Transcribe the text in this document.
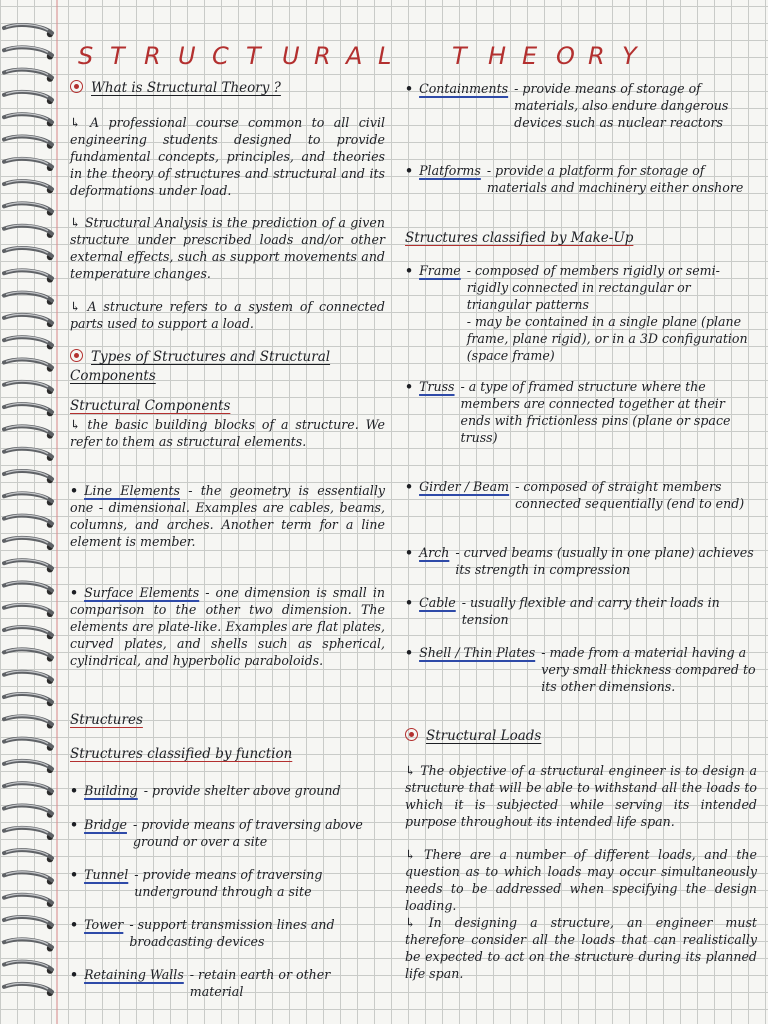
S T R U C T U R A L	T H E O R Y
What is Structural Theory ?
↳ A professional course common to all civil engineering students designed to provide fundamental concepts, principles, and theories in the theory of structures and structural and its deformations under load.
↳ Structural Analysis is the prediction of a given structure under prescribed loads and/or other external effects, such as support movements and temperature changes.
↳ A structure refers to a system of connected parts used to support a load.
Types of Structures and Structural Components
Structural Components
↳ the basic building blocks of a structure. We refer to them as structural elements.
• Line Elements - the geometry is essentially one - dimensional. Examples are cables, beams, columns, and arches. Another term for a line element is member.
• Surface Elements - one dimension is small in comparison to the other two dimension. The elements are plate-like. Examples are flat plates, curved plates, and shells such as spherical, cylindrical, and hyperbolic paraboloids.
Structures
Structures classified by function
• Building - provide shelter above ground
• Bridge - provide means of traversing above ground or over a site
• Tunnel - provide means of traversing underground through a site
• Tower - support transmission lines and broadcasting devices
• Retaining Walls - retain earth or other material
• Containments - provide means of storage of materials, also endure dangerous devices such as nuclear reactors
• Platforms - provide a platform for storage of materials and machinery either onshore
Structures classified by Make-Up
• Frame - composed of members rigidly or semi-rigidly connected in rectangular or triangular patterns
- may be contained in a single plane (plane frame, plane rigid), or in a 3D configuration (space frame)
• Truss - a type of framed structure where the members are connected together at their ends with frictionless pins (plane or space truss)
• Girder / Beam - composed of straight members connected sequentially (end to end)
• Arch - curved beams (usually in one plane) achieves its strength in compression
• Cable - usually flexible and carry their loads in tension
• Shell / Thin Plates - made from a material having a very small thickness compared to its other dimensions.
Structural Loads
↳ The objective of a structural engineer is to design a structure that will be able to withstand all the loads to which it is subjected while serving its intended purpose throughout its intended life span.
↳ There are a number of different loads, and the question as to which loads may occur simultaneously needs to be addressed when specifying the design loading.
↳ In designing a structure, an engineer must therefore consider all the loads that can realistically be expected to act on the structure during its planned life span.
